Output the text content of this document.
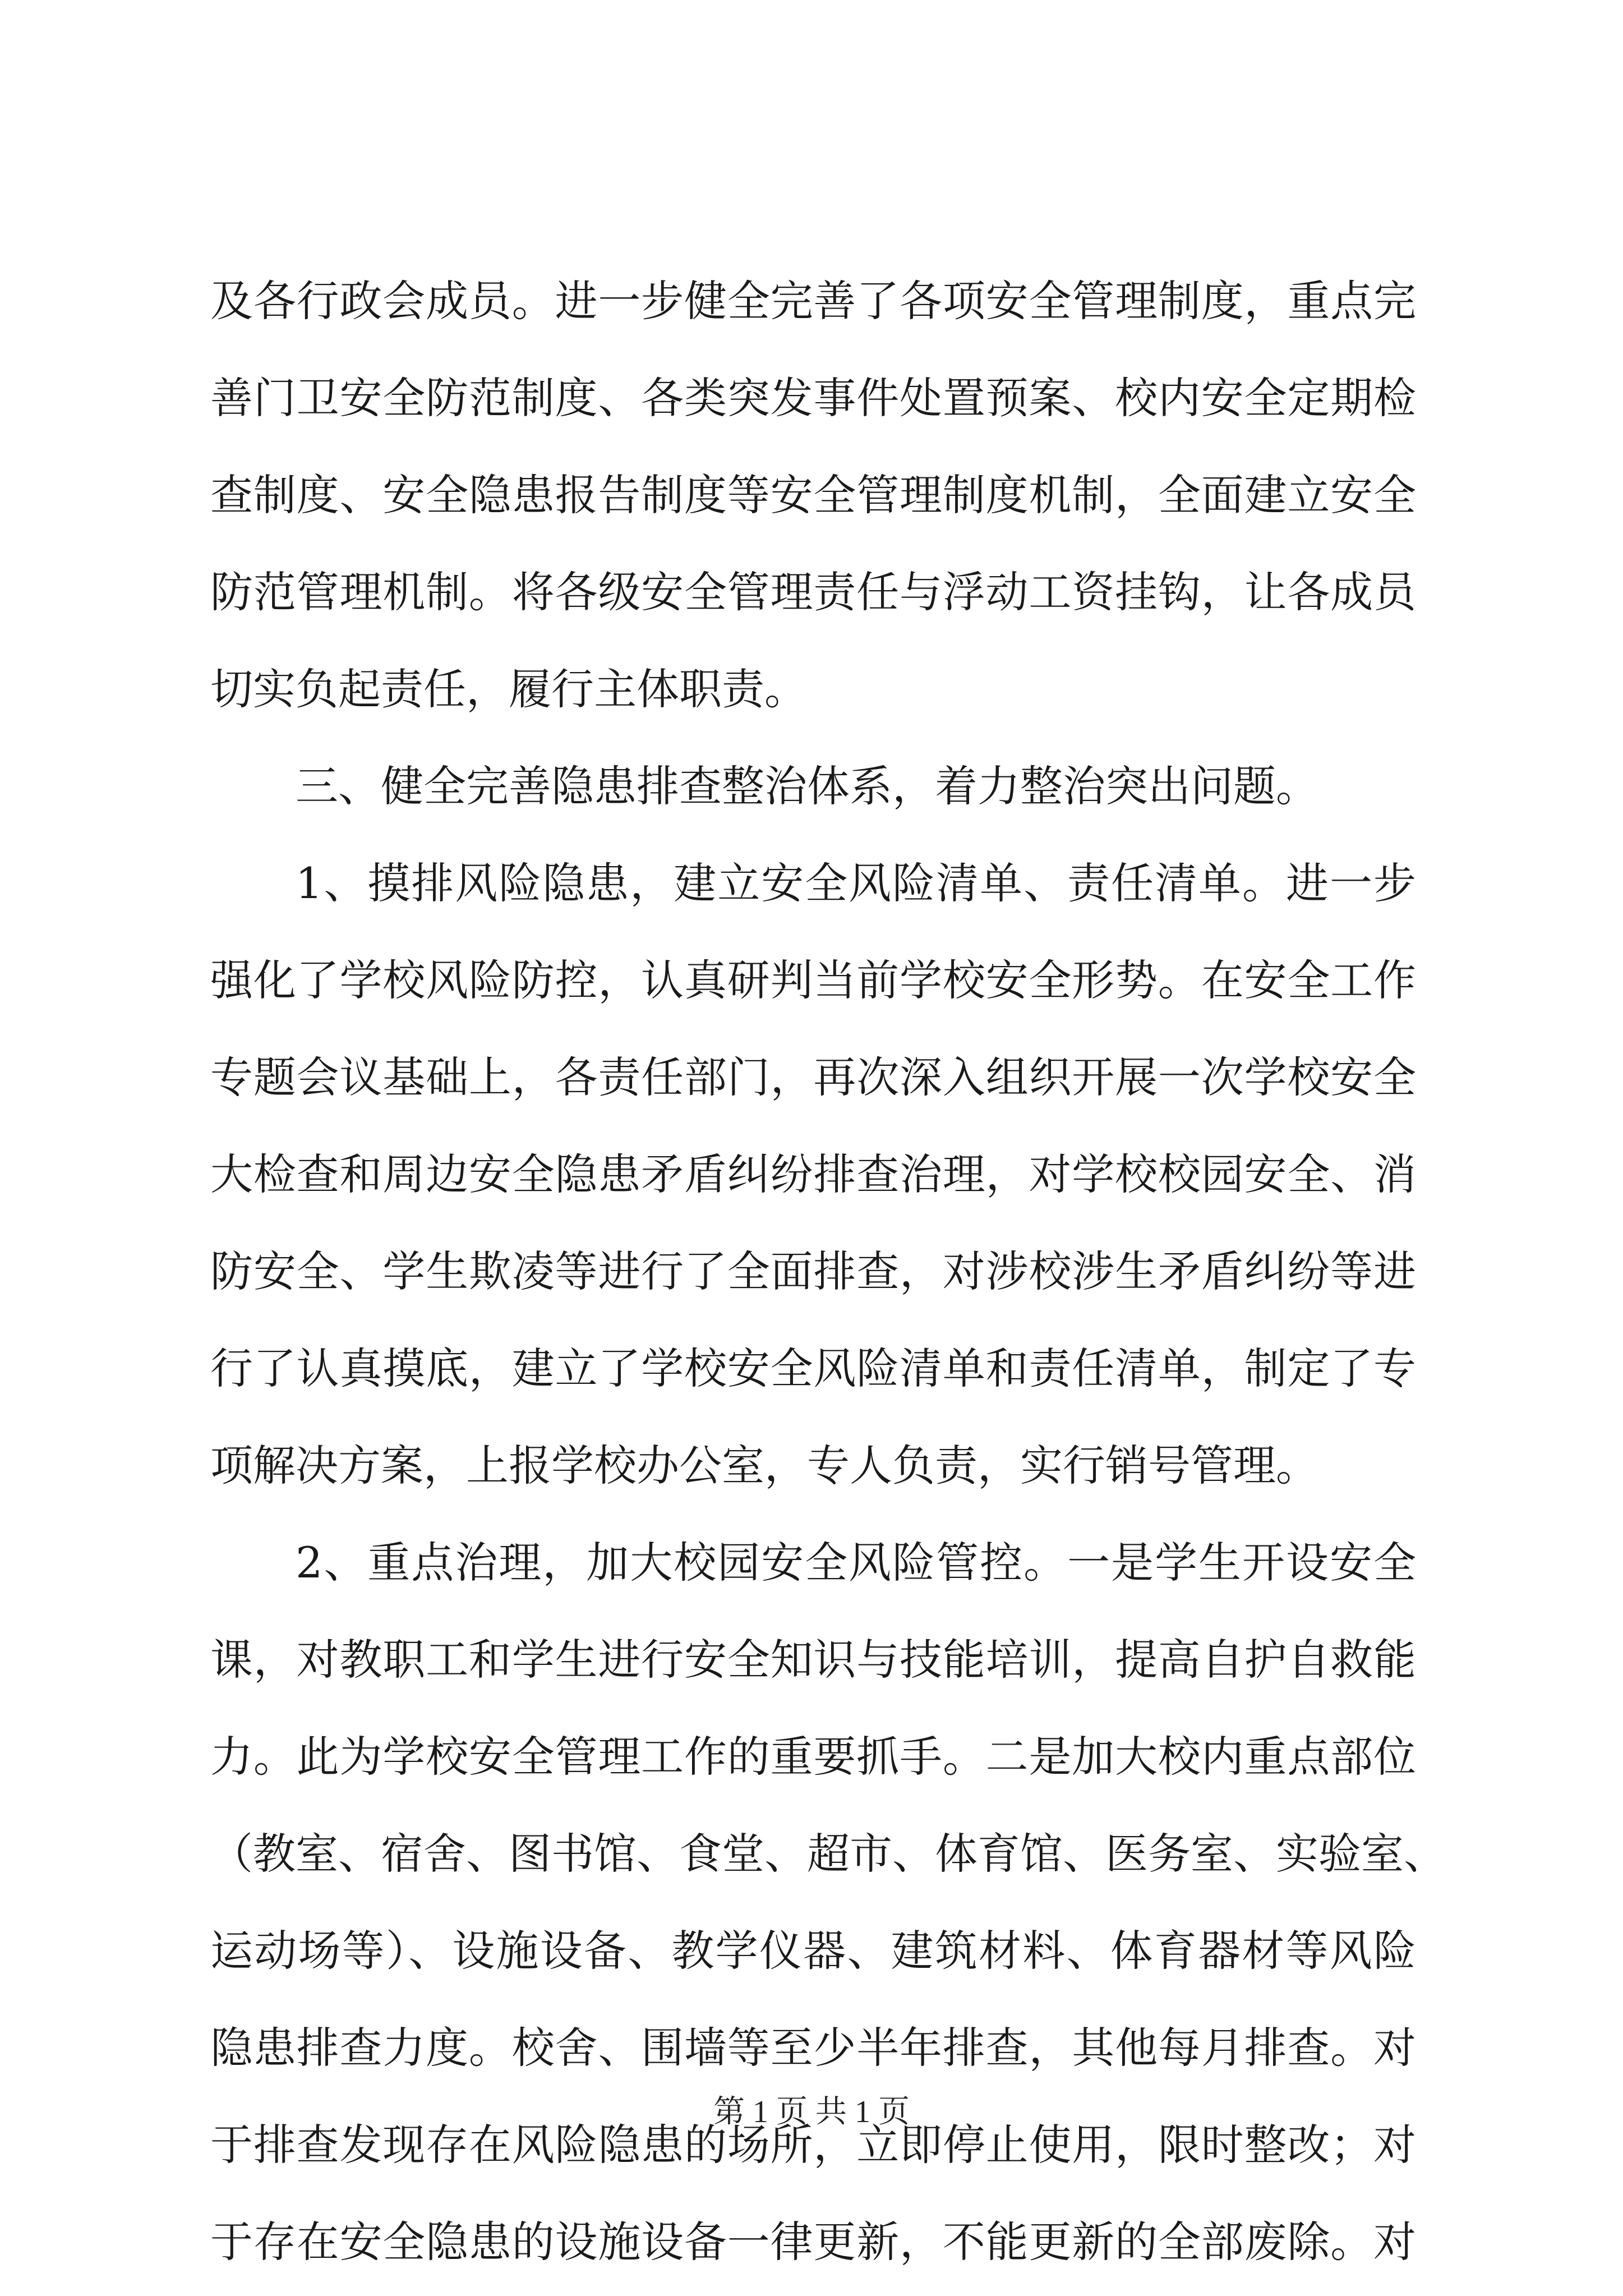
及各行政会成员。进一步健全完善了各项安全管理制度，重点完
善门卫安全防范制度、各类突发事件处置预案、校内安全定期检
查制度、安全隐患报告制度等安全管理制度机制，全面建立安全
防范管理机制。将各级安全管理责任与浮动工资挂钩，让各成员
切实负起责任，履行主体职责。
三、健全完善隐患排查整治体系，着力整治突出问题。
1、摸排风险隐患，建立安全风险清单、责任清单。进一步
强化了学校风险防控，认真研判当前学校安全形势。在安全工作
专题会议基础上，各责任部门，再次深入组织开展一次学校安全
大检查和周边安全隐患矛盾纠纷排查治理，对学校校园安全、消
防安全、学生欺凌等进行了全面排查，对涉校涉生矛盾纠纷等进
行了认真摸底，建立了学校安全风险清单和责任清单，制定了专
项解决方案，上报学校办公室，专人负责，实行销号管理。
2、重点治理，加大校园安全风险管控。一是学生开设安全
课，对教职工和学生进行安全知识与技能培训，提高自护自救能
力。此为学校安全管理工作的重要抓手。二是加大校内重点部位
（教室、宿舍、图书馆、食堂、超市、体育馆、医务室、实验室、
运动场等）、设施设备、教学仪器、建筑材料、体育器材等风险
隐患排查力度。校舍、围墙等至少半年排查，其他每月排查。对
于排查发现存在风险隐患的场所，立即停止使用，限时整改；对
于存在安全隐患的设施设备一律更新，不能更新的全部废除。对
第 1 页 共 1 页
